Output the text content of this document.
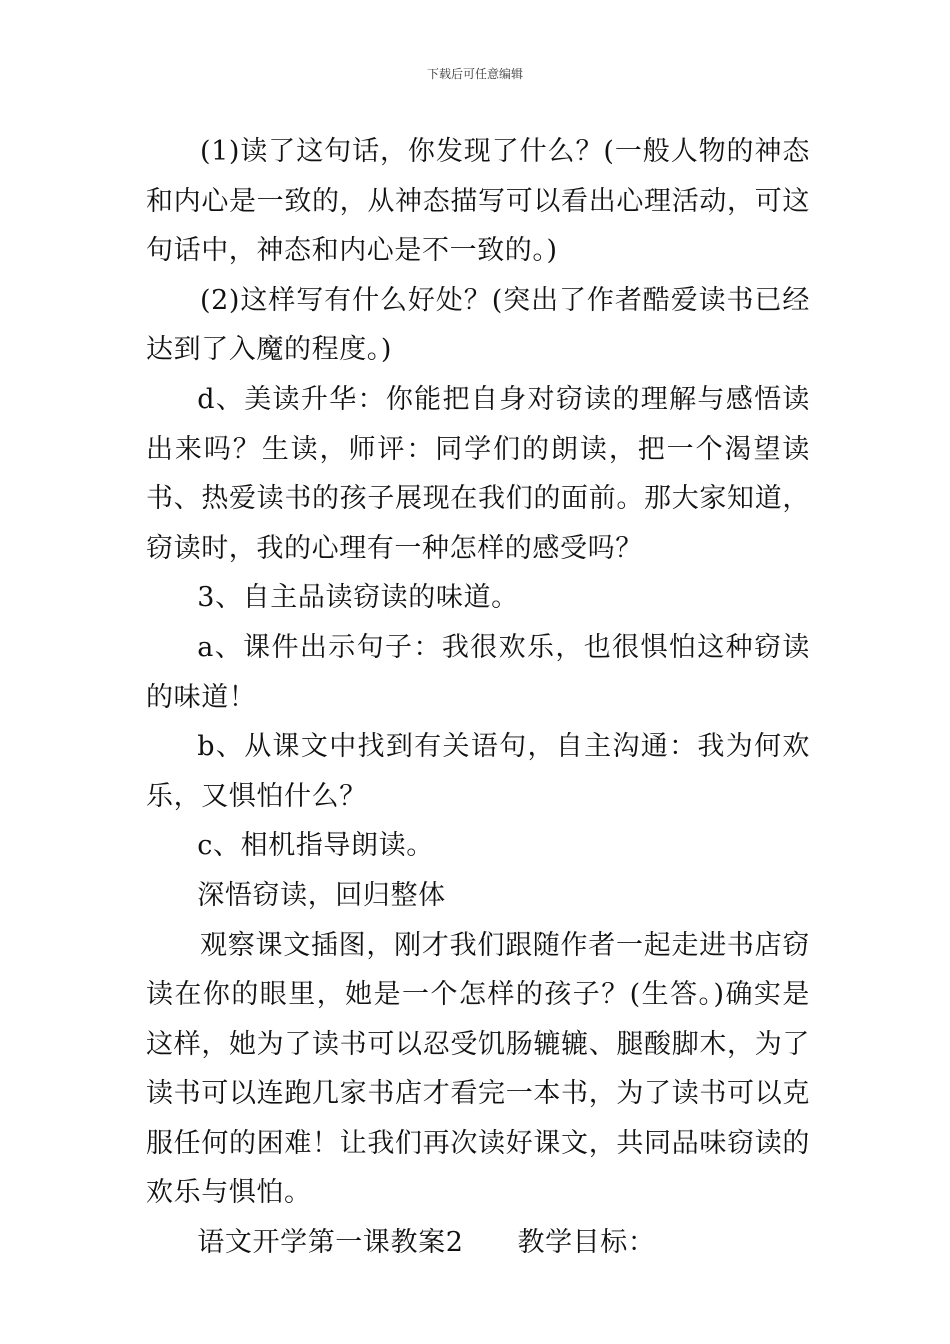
下载后可任意编辑

(1)读了这句话，你发现了什么？(一般人物的神态和内心是一致的，从神态描写可以看出心理活动，可这句话中，神态和内心是不一致的。)

(2)这样写有什么好处？(突出了作者酷爱读书已经达到了入魔的程度。)

d、美读升华：你能把自身对窃读的理解与感悟读出来吗？生读，师评：同学们的朗读，把一个渴望读书、热爱读书的孩子展现在我们的面前。那大家知道，窃读时，我的心理有一种怎样的感受吗？

3、自主品读窃读的味道。

a、课件出示句子：我很欢乐，也很惧怕这种窃读的味道！

b、从课文中找到有关语句，自主沟通：我为何欢乐，又惧怕什么？

c、相机指导朗读。

深悟窃读，回归整体

观察课文插图，刚才我们跟随作者一起走进书店窃读在你的眼里，她是一个怎样的孩子？(生答。)确实是这样，她为了读书可以忍受饥肠辘辘、腿酸脚木，为了读书可以连跑几家书店才看完一本书，为了读书可以克服任何的困难！让我们再次读好课文，共同品味窃读的欢乐与惧怕。

语文开学第一课教案2 教学目标：
